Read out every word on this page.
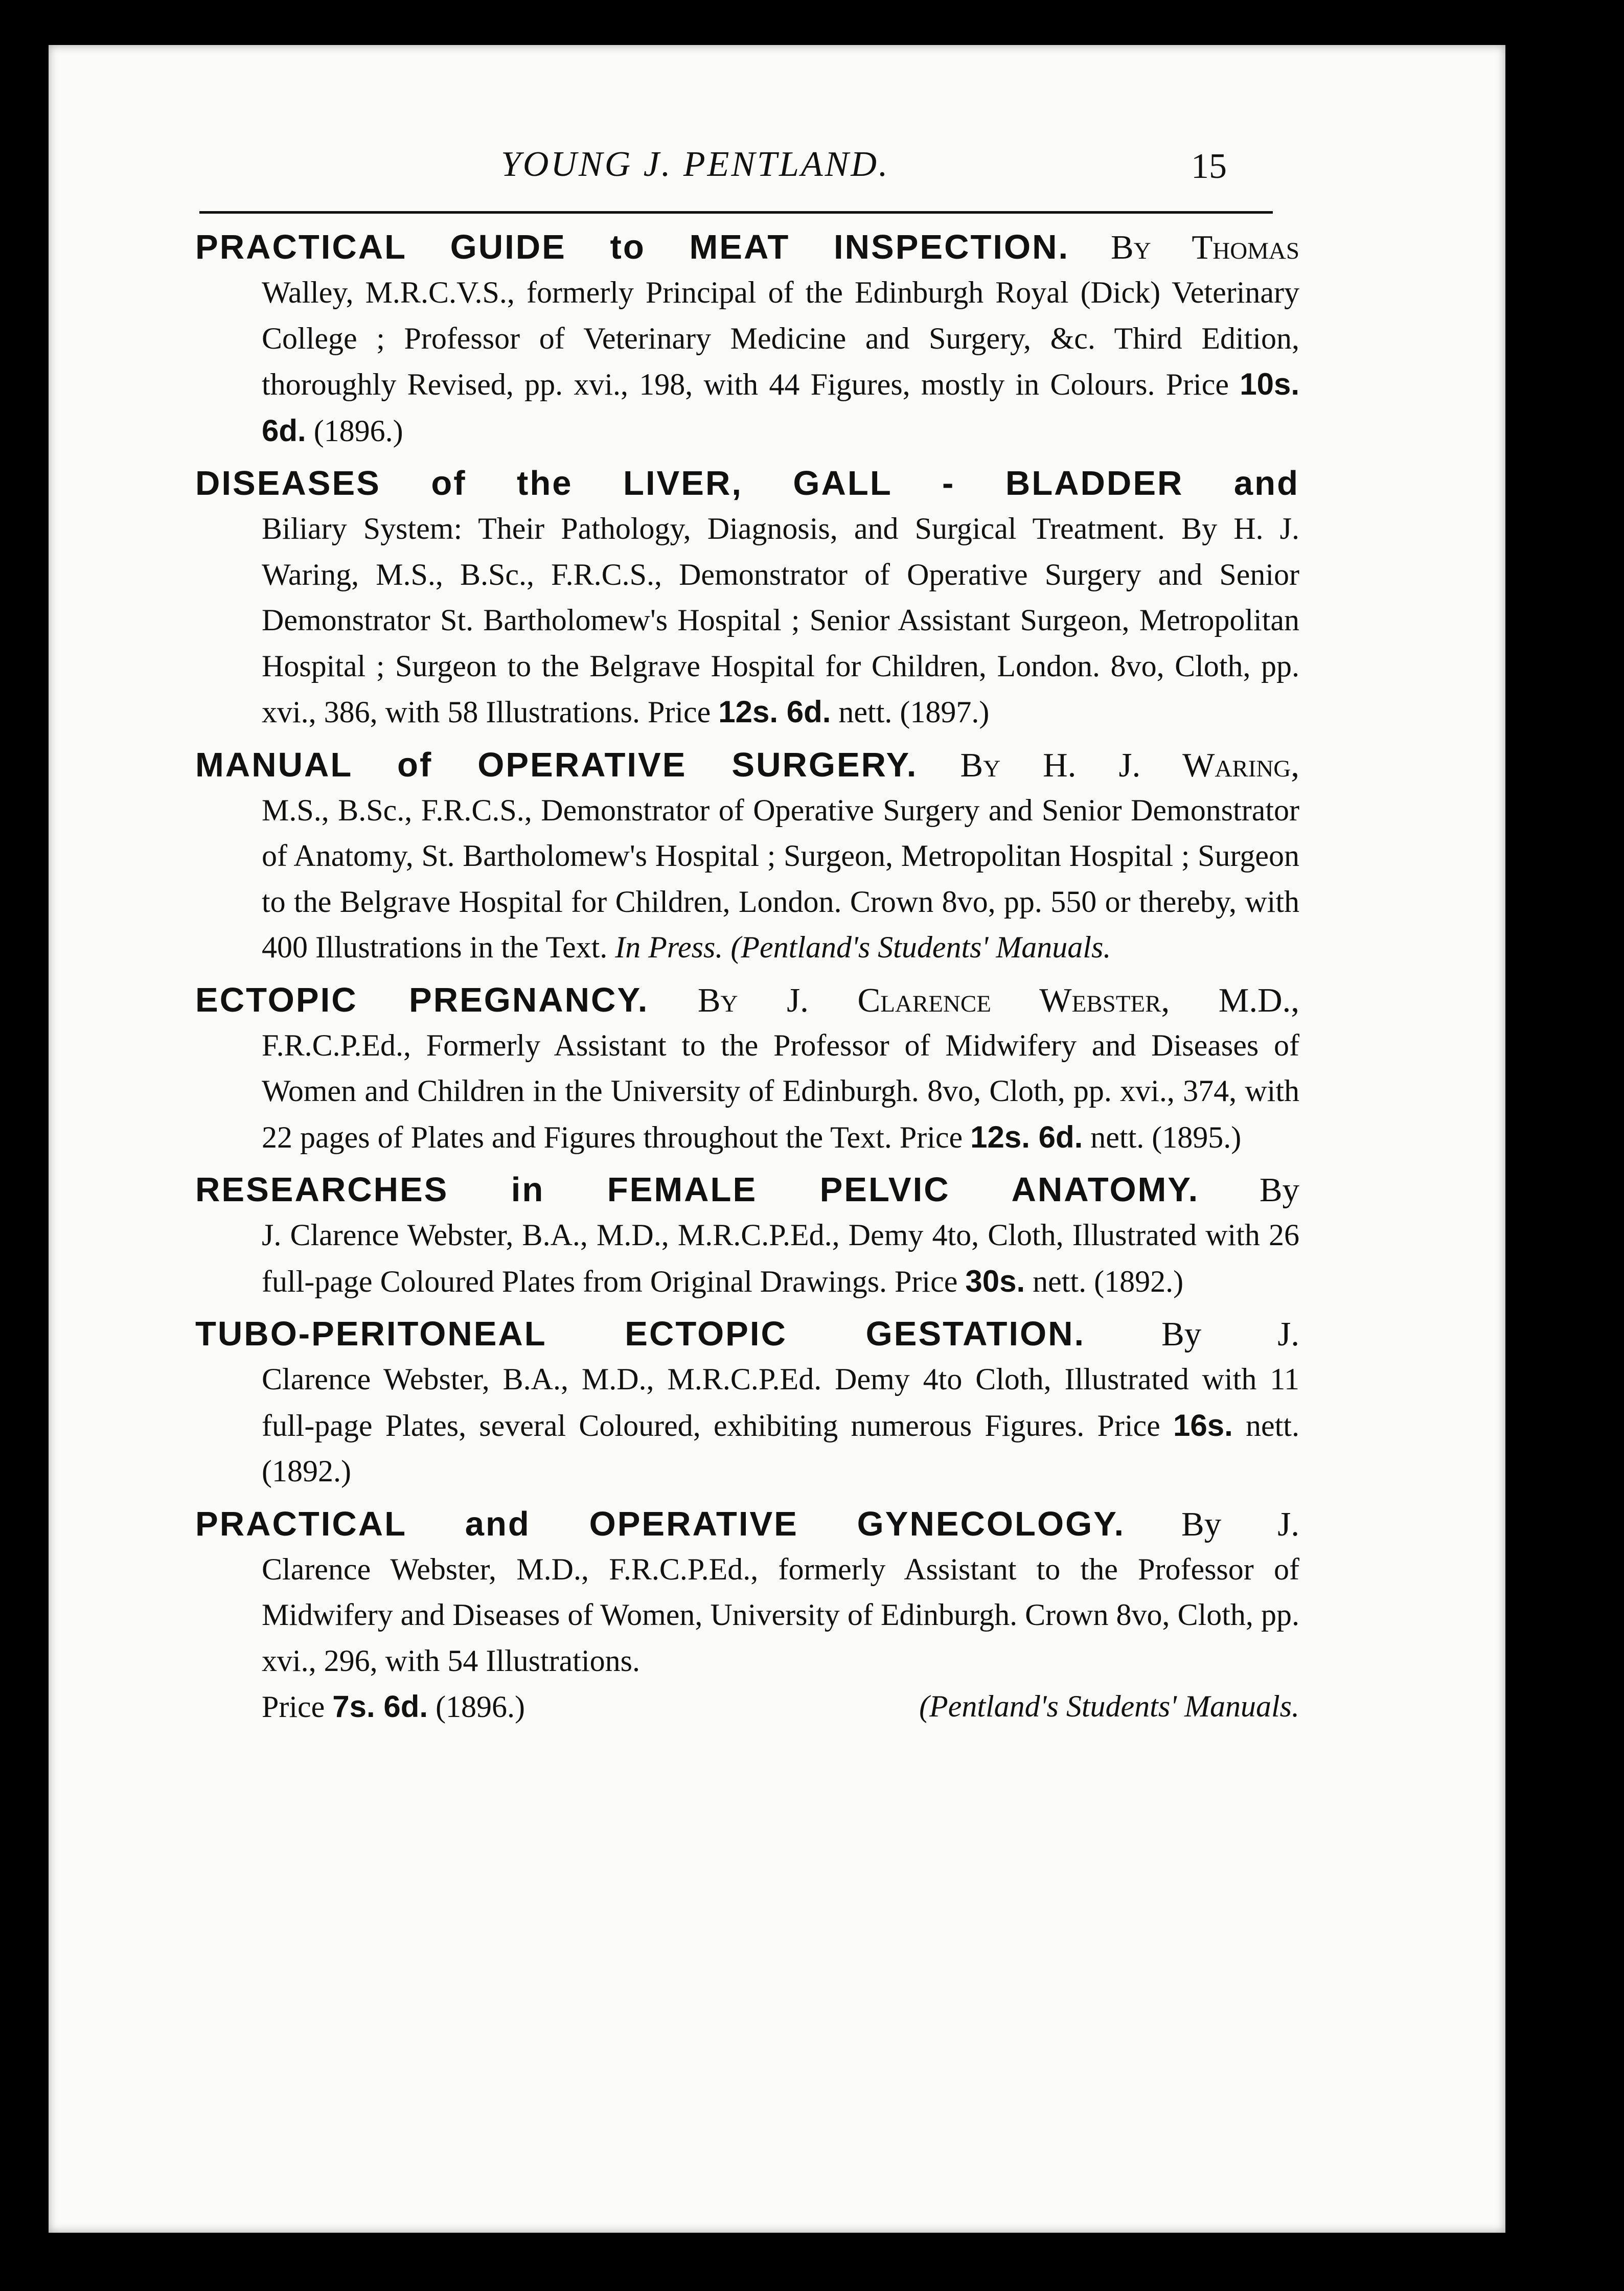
YOUNG J. PENTLAND.	15
PRACTICAL GUIDE to MEAT INSPECTION. By Thomas
Walley, M.R.C.V.S., formerly Principal of the Edinburgh Royal (Dick) Veterinary College ; Professor of Veterinary Medicine and Surgery, &c. Third Edition, thoroughly Revised, pp. xvi., 198, with 44 Figures, mostly in Colours. Price 10s. 6d. (1896.)
DISEASES of the LIVER, GALL - BLADDER and
Biliary System: Their Pathology, Diagnosis, and Surgical Treatment. By H. J. Waring, M.S., B.Sc., F.R.C.S., Demonstrator of Operative Surgery and Senior Demonstrator St. Bartholomew's Hospital ; Senior Assistant Surgeon, Metropolitan Hospital ; Surgeon to the Belgrave Hospital for Children, London. 8vo, Cloth, pp. xvi., 386, with 58 Illustrations. Price 12s. 6d. nett. (1897.)
MANUAL of OPERATIVE SURGERY. By H. J. Waring,
M.S., B.Sc., F.R.C.S., Demonstrator of Operative Surgery and Senior Demonstrator of Anatomy, St. Bartholomew's Hospital ; Surgeon, Metropolitan Hospital ; Surgeon to the Belgrave Hospital for Children, London. Crown 8vo, pp. 550 or thereby, with 400 Illustrations in the Text. In Press. (Pentland's Students' Manuals.
ECTOPIC PREGNANCY. By J. Clarence Webster, M.D.,
F.R.C.P.Ed., Formerly Assistant to the Professor of Midwifery and Diseases of Women and Children in the University of Edinburgh. 8vo, Cloth, pp. xvi., 374, with 22 pages of Plates and Figures throughout the Text. Price 12s. 6d. nett. (1895.)
RESEARCHES in FEMALE PELVIC ANATOMY. By
J. Clarence Webster, B.A., M.D., M.R.C.P.Ed., Demy 4to, Cloth, Illustrated with 26 full-page Coloured Plates from Original Drawings. Price 30s. nett. (1892.)
TUBO-PERITONEAL ECTOPIC GESTATION. By J.
Clarence Webster, B.A., M.D., M.R.C.P.Ed. Demy 4to Cloth, Illustrated with 11 full-page Plates, several Coloured, exhibiting numerous Figures. Price 16s. nett. (1892.)
PRACTICAL and OPERATIVE GYNECOLOGY. By J.
Clarence Webster, M.D., F.R.C.P.Ed., formerly Assistant to the Professor of Midwifery and Diseases of Women, University of Edinburgh. Crown 8vo, Cloth, pp. xvi., 296, with 54 Illustrations.
Price 7s. 6d. (1896.)	(Pentland's Students' Manuals.
